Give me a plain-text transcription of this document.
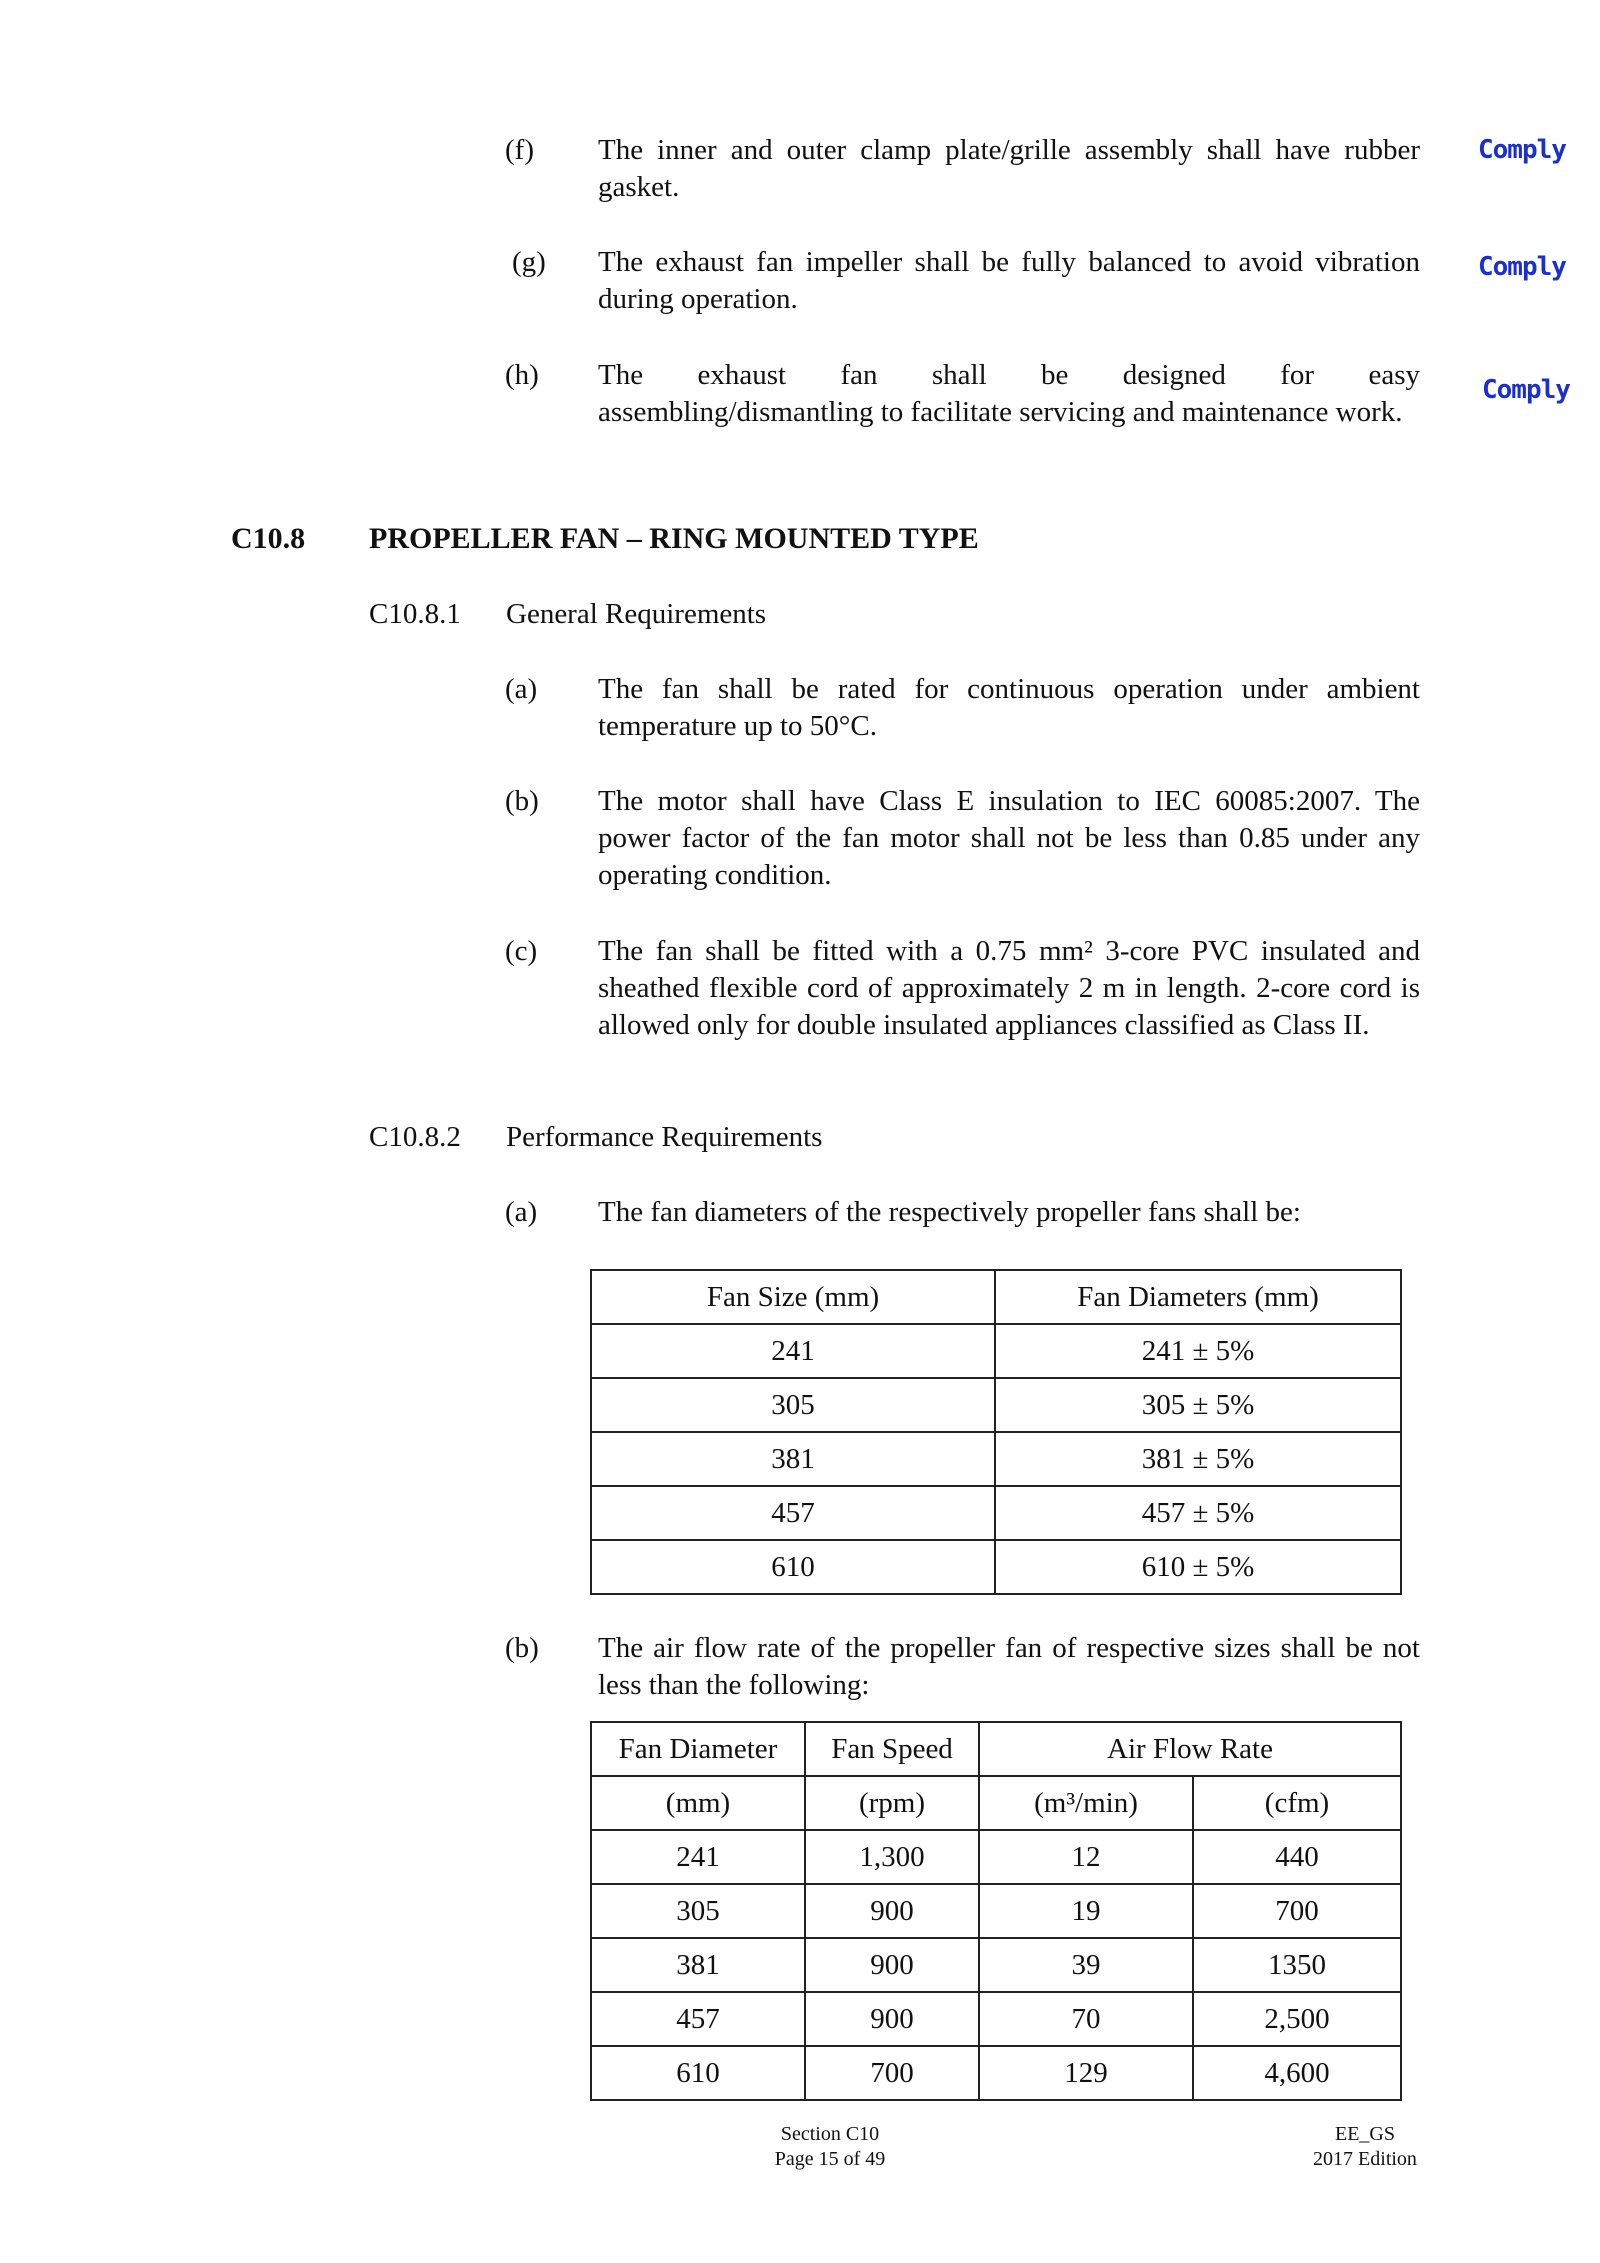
(f) The inner and outer clamp plate/grille assembly shall have rubber gasket.
Comply
(g) The exhaust fan impeller shall be fully balanced to avoid vibration during operation.
Comply
(h) The exhaust fan shall be designed for easy
assembling/dismantling to facilitate servicing and maintenance work.
Comply
C10.8 PROPELLER FAN – RING MOUNTED TYPE
C10.8.1 General Requirements
(a) The fan shall be rated for continuous operation under ambient temperature up to 50°C.
(b) The motor shall have Class E insulation to IEC 60085:2007. The power factor of the fan motor shall not be less than 0.85 under any operating condition.
(c) The fan shall be fitted with a 0.75 mm² 3-core PVC insulated and sheathed flexible cord of approximately 2 m in length. 2-core cord is allowed only for double insulated appliances classified as Class II.
C10.8.2 Performance Requirements
(a) The fan diameters of the respectively propeller fans shall be:
Fan Size (mm)	Fan Diameters (mm)
241	241 ± 5%
305	305 ± 5%
381	381 ± 5%
457	457 ± 5%
610	610 ± 5%
(b) The air flow rate of the propeller fan of respective sizes shall be not less than the following:
Fan Diameter	Fan Speed	Air Flow Rate	
(mm)	(rpm)	(m³/min)	(cfm)
241	1,300	12	440
305	900	19	700
381	900	39	1350
457	900	70	2,500
610	700	129	4,600
Section C10
Page 15 of 49
EE_GS
2017 Edition
